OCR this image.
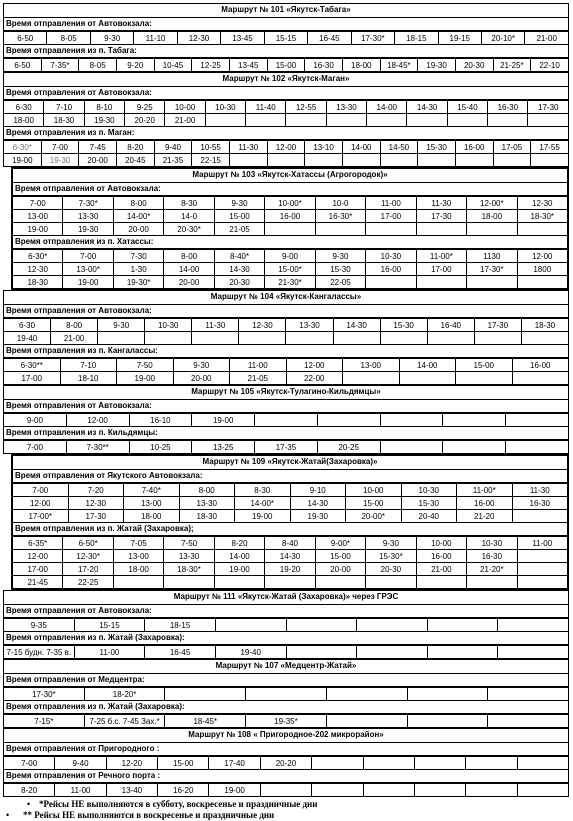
Маршрут № 101 «Якутск-Табага»
Время отправления от Автовокзала:
6-50	8-05	9-30	11-10	12-30	13-45	15-15	16-45	17-30*	18-15	19-15	20-10*	21-00
Время отправления из п. Табага:
6-50	7-35*	8-05	9-20	10-45	12-25	13-45	15-00	16-30	18-00	18-45*	19-30	20-30	21-25*	22-10
Маршрут № 102 «Якутск-Маган»
Время отправления от Автовокзала:
6-30	7-10	8-10	9-25	10-00	10-30	11-40	12-55	13-30	14-00	14-30	15-40	16-30	17-30
18-00	18-30	19-30	20-20	21-00									
Время отправления из п. Маган:
6-30*	7-00	7-45	8-20	9-40	10-55	11-30	12-00	13-10	14-00	14-50	15-30	16-00	17-05	17-55
19-00	19-30	20-00	20-45	21-35	22-15									
Маршрут № 103 «Якутск-Хатассы (Агрогородок)»
Время отправления от Автовокзала:
7-00	7-30*	8-00	8-30	9-30	10-00*	10-0	11-00	11-30	12-00*	12-30
13-00	13-30	14-00*	14-0	15-00	16-00	16-30*	17-00	17-30	18-00	18-30*
19-00	19-30	20-00	20-30*	21-05						
Время отправления из п. Хатассы:
6-30*	7-00	7-30	8-00	8-40*	9-00	9-30	10-30	11-00*	1130	12-00
12-30	13-00*	1-30	14-00	14-30	15-00*	15-30	16-00	17-00	17-30*	1800
18-30	19-00	19-30*	20-00	20-30	21-30*	22-05				
Маршрут № 104 «Якутск-Кангалассы»
Время отправления от Автовокзала:
6-30	8-00	9-30	10-30	11-30	12-30	13-30	14-30	15-30	16-40	17-30	18-30
19-40	21-00										
Время отправления из п. Кангалассы:
6-30**	7-10	7-50	9-30	11-00	12-00	13-00	14-00	15-00	16-00
17-00	18-10	19-00	20-00	21-05	22-00				
Маршрут № 105 «Якутск-Тулагино-Кильдямцы»
Время отправления от Автовокзала:
9-00	12-00	16-10	19-00					
Время отправления из п. Кильдямцы:
7-00	7-30**	10-25	13-25	17-35	20-25			
Маршрут № 109 «Якутск-Жатай(Захаровка)»
Время отправления от Якутского Автовокзала:
7-00	7-20	7-40*	8-00	8-30	9-10	10-00	10-30	11-00*	11-30
12-00	12-30	13-00	13-30	14-00*	14-30	15-00	15-30	16-00	16-30
17-00*	17-30	18-00	18-30	19-00	19-30	20-00*	20-40	21-20	
Время отправления из п. Жатай (Захаровка);
6-35*	6-50*	7-05	7-50	8-20	8-40	9-00*	9-30	10-00	10-30	11-00
12-00	12-30*	13-00	13-30	14-00	14-30	15-00	15-30*	16-00	16-30	
17-00	17-20	18-00	18-30*	19-00	19-20	20-00	20-30	21-00	21-20*	
21-45	22-25									
Маршрут № 111 «Якутск-Жатай (Захаровка)» через ГРЭС
Время отправления от Автовокзала:
9-35	15-15	18-15					
Время отправления из п. Жатай (Захаровка):
7-15 будн. 7-35 в.	11-00	16-45	19-40				
Маршрут № 107 «Медцентр-Жатай»
Время отправления от Медцентра:
17-30*	18-20*					
Время отправления из п. Жатай (Захаровка):
7-15*	7-25 б.с. 7-45 Зах.*	18-45*	19-35*			
Маршрут № 108 « Пригородное-202 микрорайон»
Время отправления от Пригородного :
7-00	9-40	12-20	15-00	17-40	20-20					
Время отправления от Речного порта :
8-20	11-00	13-40	16-20	19-00						
• *Рейсы НЕ выполняются в субботу, воскресенье и праздничные дни
• ** Рейсы НЕ выполняются в воскресенье и праздничные дни
